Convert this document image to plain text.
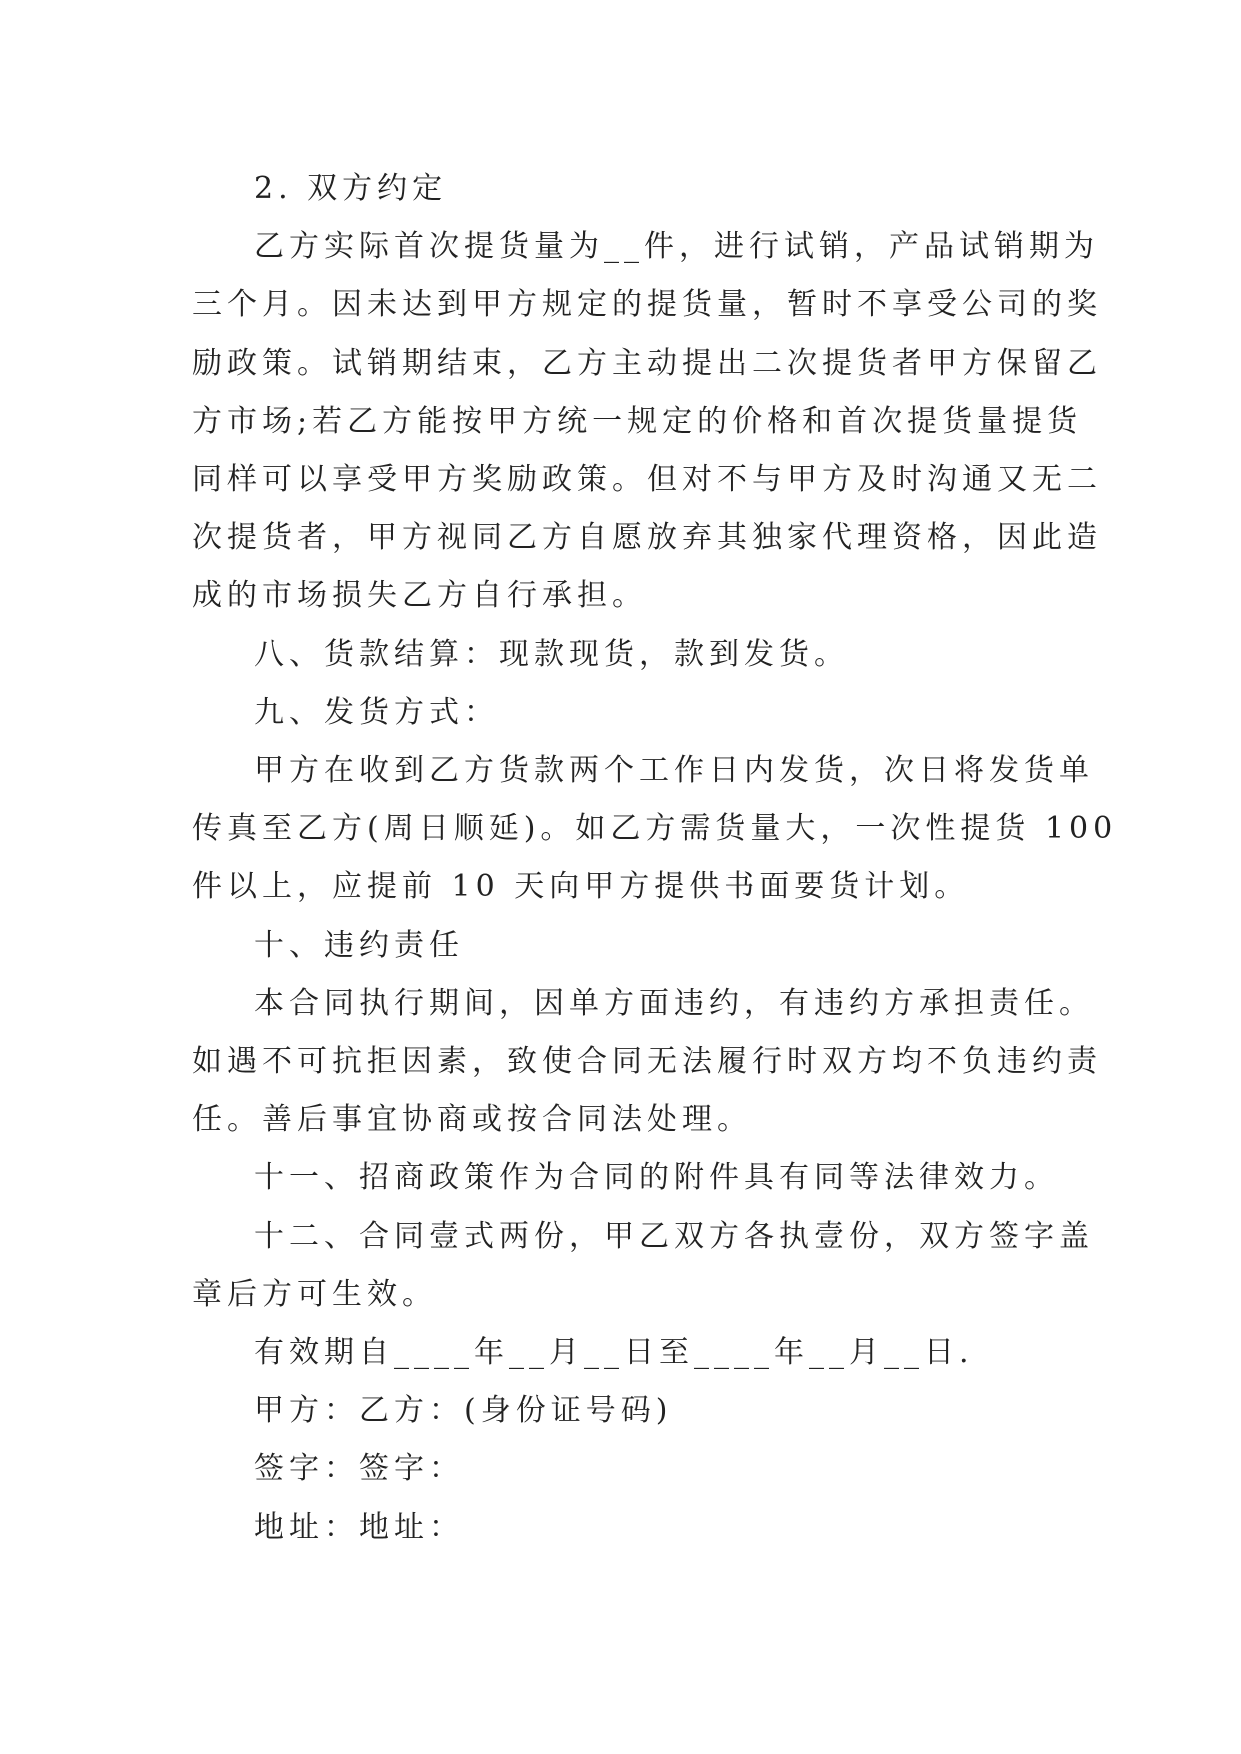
2. 双方约定
乙方实际首次提货量为__件，进行试销，产品试销期为
三个月。因未达到甲方规定的提货量，暂时不享受公司的奖
励政策。试销期结束，乙方主动提出二次提货者甲方保留乙
方市场;若乙方能按甲方统一规定的价格和首次提货量提货
同样可以享受甲方奖励政策。但对不与甲方及时沟通又无二
次提货者，甲方视同乙方自愿放弃其独家代理资格，因此造
成的市场损失乙方自行承担。
八、货款结算：现款现货，款到发货。
九、发货方式：
甲方在收到乙方货款两个工作日内发货，次日将发货单
传真至乙方(周日顺延)。如乙方需货量大，一次性提货 100
件以上，应提前 10 天向甲方提供书面要货计划。
十、违约责任
本合同执行期间，因单方面违约，有违约方承担责任。
如遇不可抗拒因素，致使合同无法履行时双方均不负违约责
任。善后事宜协商或按合同法处理。
十一、招商政策作为合同的附件具有同等法律效力。
十二、合同壹式两份，甲乙双方各执壹份，双方签字盖
章后方可生效。
有效期自____年__月__日至____年__月__日.
甲方：乙方：(身份证号码)
签字：签字：
地址：地址：
